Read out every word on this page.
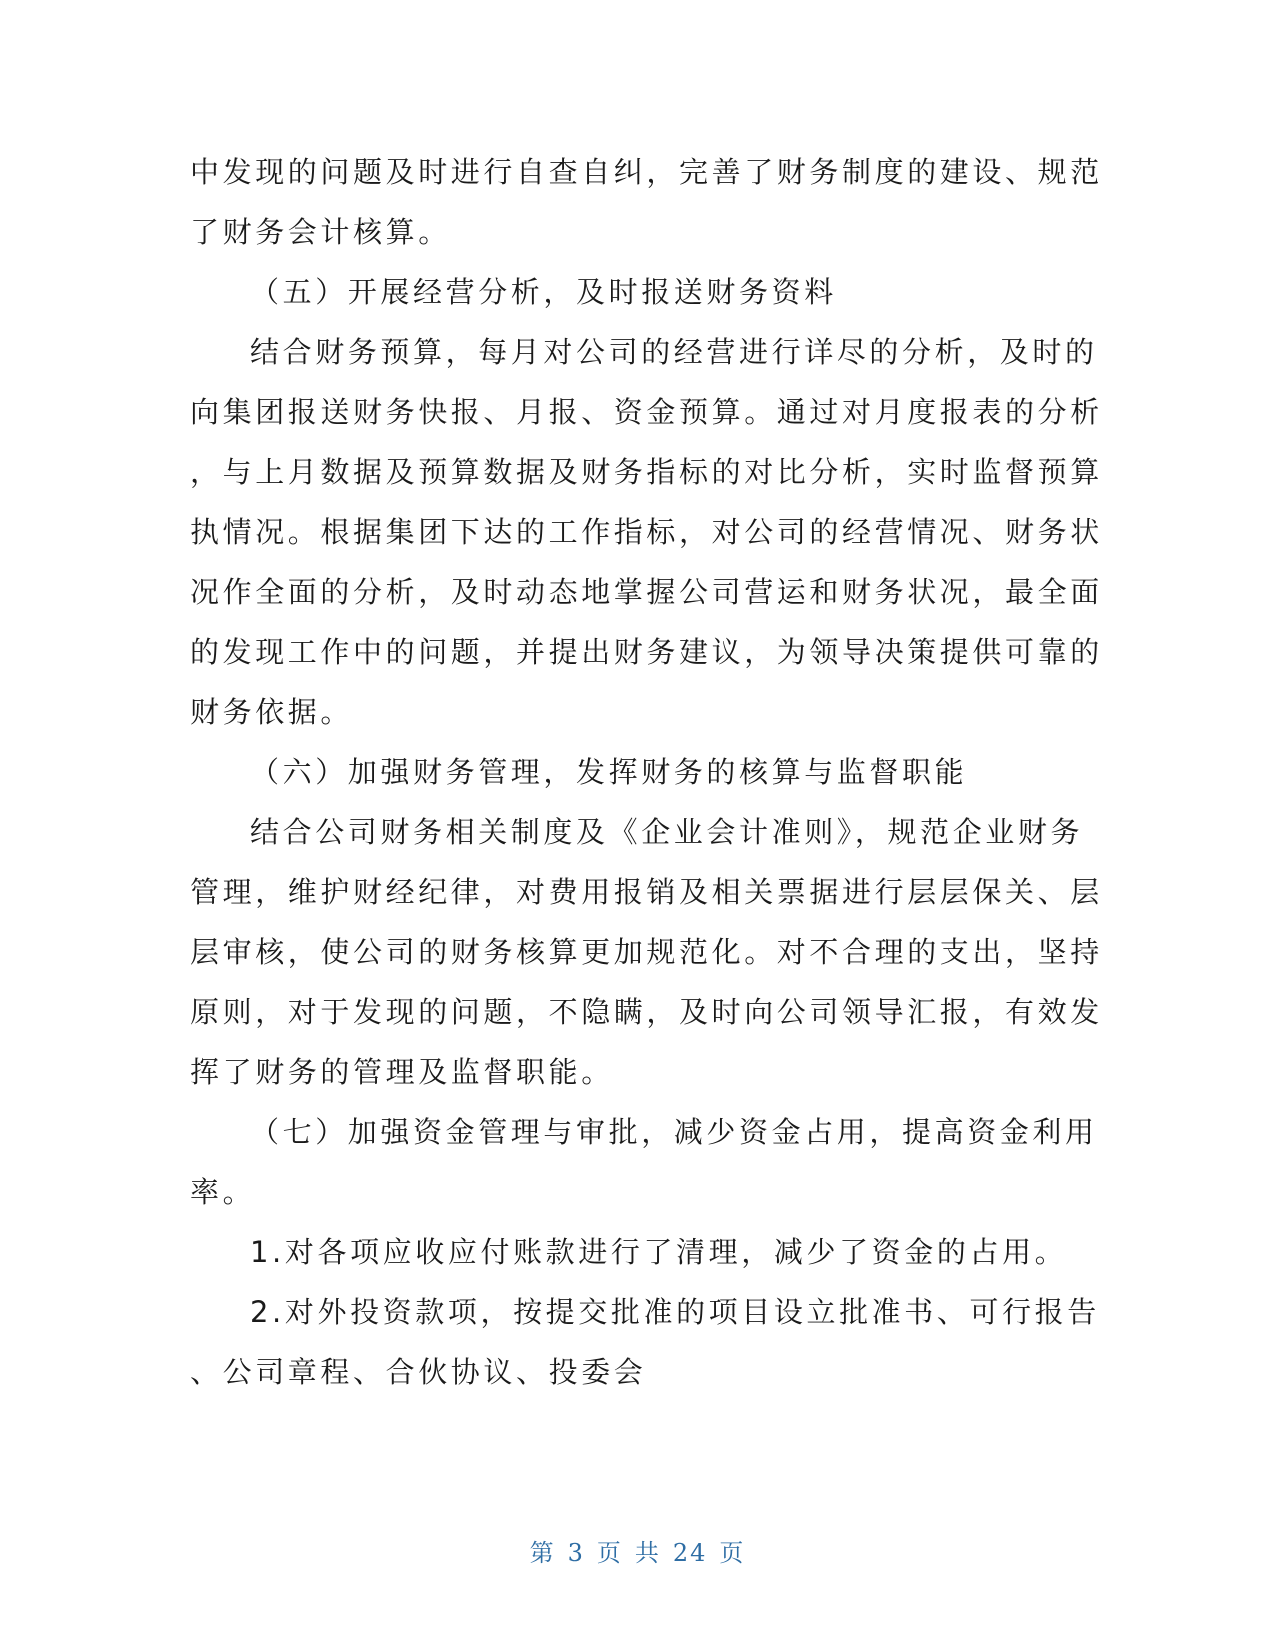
中发现的问题及时进行自查自纠，完善了财务制度的建设、规范
了财务会计核算。
（五）开展经营分析，及时报送财务资料
结合财务预算，每月对公司的经营进行详尽的分析，及时的
向集团报送财务快报、月报、资金预算。通过对月度报表的分析
，与上月数据及预算数据及财务指标的对比分析，实时监督预算
执情况。根据集团下达的工作指标，对公司的经营情况、财务状
况作全面的分析，及时动态地掌握公司营运和财务状况，最全面
的发现工作中的问题，并提出财务建议，为领导决策提供可靠的
财务依据。
（六）加强财务管理，发挥财务的核算与监督职能
结合公司财务相关制度及《企业会计准则》，规范企业财务
管理，维护财经纪律，对费用报销及相关票据进行层层保关、层
层审核，使公司的财务核算更加规范化。对不合理的支出，坚持
原则，对于发现的问题，不隐瞒，及时向公司领导汇报，有效发
挥了财务的管理及监督职能。
（七）加强资金管理与审批，减少资金占用，提高资金利用
率。
1.对各项应收应付账款进行了清理，减少了资金的占用。
2.对外投资款项，按提交批准的项目设立批准书、可行报告
、公司章程、合伙协议、投委会
第 3 页 共 24 页
